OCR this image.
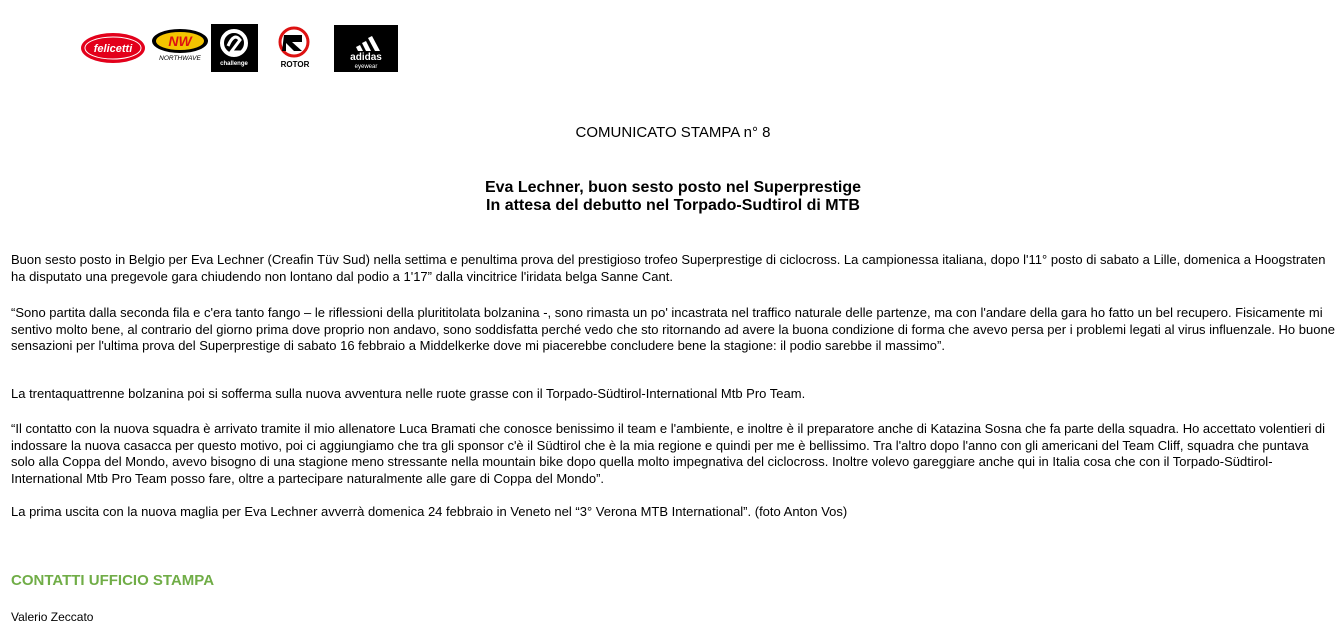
felicetti	NW
NORTHWAVE
challenge	ROTOR
adidas
eyewear
COMUNICATO STAMPA n° 8
Eva Lechner, buon sesto posto nel Superprestige
In attesa del debutto nel Torpado-Sudtirol di MTB

Buon sesto posto in Belgio per Eva Lechner (Creafin Tüv Sud) nella settima e penultima prova del prestigioso trofeo Superprestige di ciclocross. La campionessa italiana, dopo l'11° posto di sabato a Lille, domenica a Hoogstraten ha disputato una pregevole gara chiudendo non lontano dal podio a 1'17” dalla vincitrice l'iridata belga Sanne Cant.

“Sono partita dalla seconda fila e c'era tanto fango – le riflessioni della plurititolata bolzanina -, sono rimasta un po' incastrata nel traffico naturale delle partenze, ma con l'andare della gara ho fatto un bel recupero. Fisicamente mi sentivo molto bene, al contrario del giorno prima dove proprio non andavo, sono soddisfatta perché vedo che sto ritornando ad avere la buona condizione di forma che avevo persa per i problemi legati al virus influenzale. Ho buone sensazioni per l'ultima prova del Superprestige di sabato 16 febbraio a Middelkerke dove mi piacerebbe concludere bene la stagione: il podio sarebbe il massimo”.

La trentaquattrenne bolzanina poi si sofferma sulla nuova avventura nelle ruote grasse con il Torpado-Südtirol-International Mtb Pro Team.

“Il contatto con la nuova squadra è arrivato tramite il mio allenatore Luca Bramati che conosce benissimo il team e l'ambiente, e inoltre è il preparatore anche di Katazina Sosna che fa parte della squadra. Ho accettato volentieri di indossare la nuova casacca per questo motivo, poi ci aggiungiamo che tra gli sponsor c'è il Südtirol che è la mia regione e quindi per me è bellissimo. Tra l'altro dopo l'anno con gli americani del Team Cliff, squadra che puntava solo alla Coppa del Mondo, avevo bisogno di una stagione meno stressante nella mountain bike dopo quella molto impegnativa del ciclocross. Inoltre volevo gareggiare anche qui in Italia cosa che con il Torpado-Südtirol-International Mtb Pro Team posso fare, oltre a partecipare naturalmente alle gare di Coppa del Mondo”.

La prima uscita con la nuova maglia per Eva Lechner avverrà domenica 24 febbraio in Veneto nel “3° Verona MTB International”. (foto Anton Vos)

CONTATTI UFFICIO STAMPA
Valerio Zeccato
